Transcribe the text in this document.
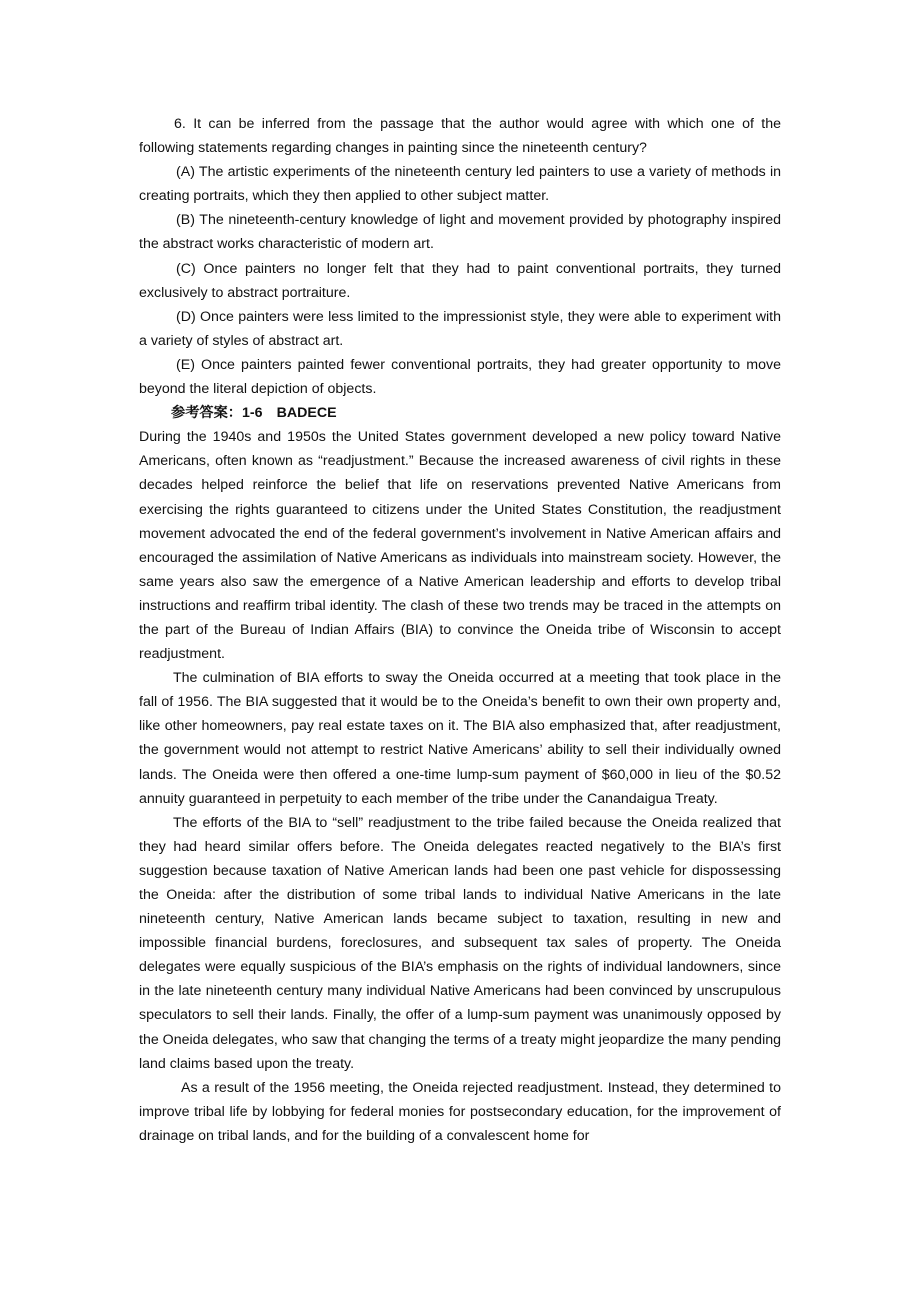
6. It can be inferred from the passage that the author would agree with which one of the following statements regarding changes in painting since the nineteenth century?

(A) The artistic experiments of the nineteenth century led painters to use a variety of methods in creating portraits, which they then applied to other subject matter.

(B) The nineteenth-century knowledge of light and movement provided by photography inspired the abstract works characteristic of modern art.

(C) Once painters no longer felt that they had to paint conventional portraits, they turned exclusively to abstract portraiture.

(D) Once painters were less limited to the impressionist style, they were able to experiment with a variety of styles of abstract art.

(E) Once painters painted fewer conventional portraits, they had greater opportunity to move beyond the literal depiction of objects.

参考答案：1-6　BADECE

During the 1940s and 1950s the United States government developed a new policy toward Native Americans, often known as “readjustment.” Because the increased awareness of civil rights in these decades helped reinforce the belief that life on reservations prevented Native Americans from exercising the rights guaranteed to citizens under the United States Constitution, the readjustment movement advocated the end of the federal government’s involvement in Native American affairs and encouraged the assimilation of Native Americans as individuals into mainstream society. However, the same years also saw the emergence of a Native American leadership and efforts to develop tribal instructions and reaffirm tribal identity. The clash of these two trends may be traced in the attempts on the part of the Bureau of Indian Affairs (BIA) to convince the Oneida tribe of Wisconsin to accept readjustment.

The culmination of BIA efforts to sway the Oneida occurred at a meeting that took place in the fall of 1956. The BIA suggested that it would be to the Oneida’s benefit to own their own property and, like other homeowners, pay real estate taxes on it. The BIA also emphasized that, after readjustment, the government would not attempt to restrict Native Americans’ ability to sell their individually owned lands. The Oneida were then offered a one-time lump-sum payment of $60,000 in lieu of the $0.52 annuity guaranteed in perpetuity to each member of the tribe under the Canandaigua Treaty.

The efforts of the BIA to “sell” readjustment to the tribe failed because the Oneida realized that they had heard similar offers before. The Oneida delegates reacted negatively to the BIA’s first suggestion because taxation of Native American lands had been one past vehicle for dispossessing the Oneida: after the distribution of some tribal lands to individual Native Americans in the late nineteenth century, Native American lands became subject to taxation, resulting in new and impossible financial burdens, foreclosures, and subsequent tax sales of property. The Oneida delegates were equally suspicious of the BIA’s emphasis on the rights of individual landowners, since in the late nineteenth century many individual Native Americans had been convinced by unscrupulous speculators to sell their lands. Finally, the offer of a lump-sum payment was unanimously opposed by the Oneida delegates, who saw that changing the terms of a treaty might jeopardize the many pending land claims based upon the treaty.

As a result of the 1956 meeting, the Oneida rejected readjustment. Instead, they determined to improve tribal life by lobbying for federal monies for postsecondary education, for the improvement of drainage on tribal lands, and for the building of a convalescent home for
